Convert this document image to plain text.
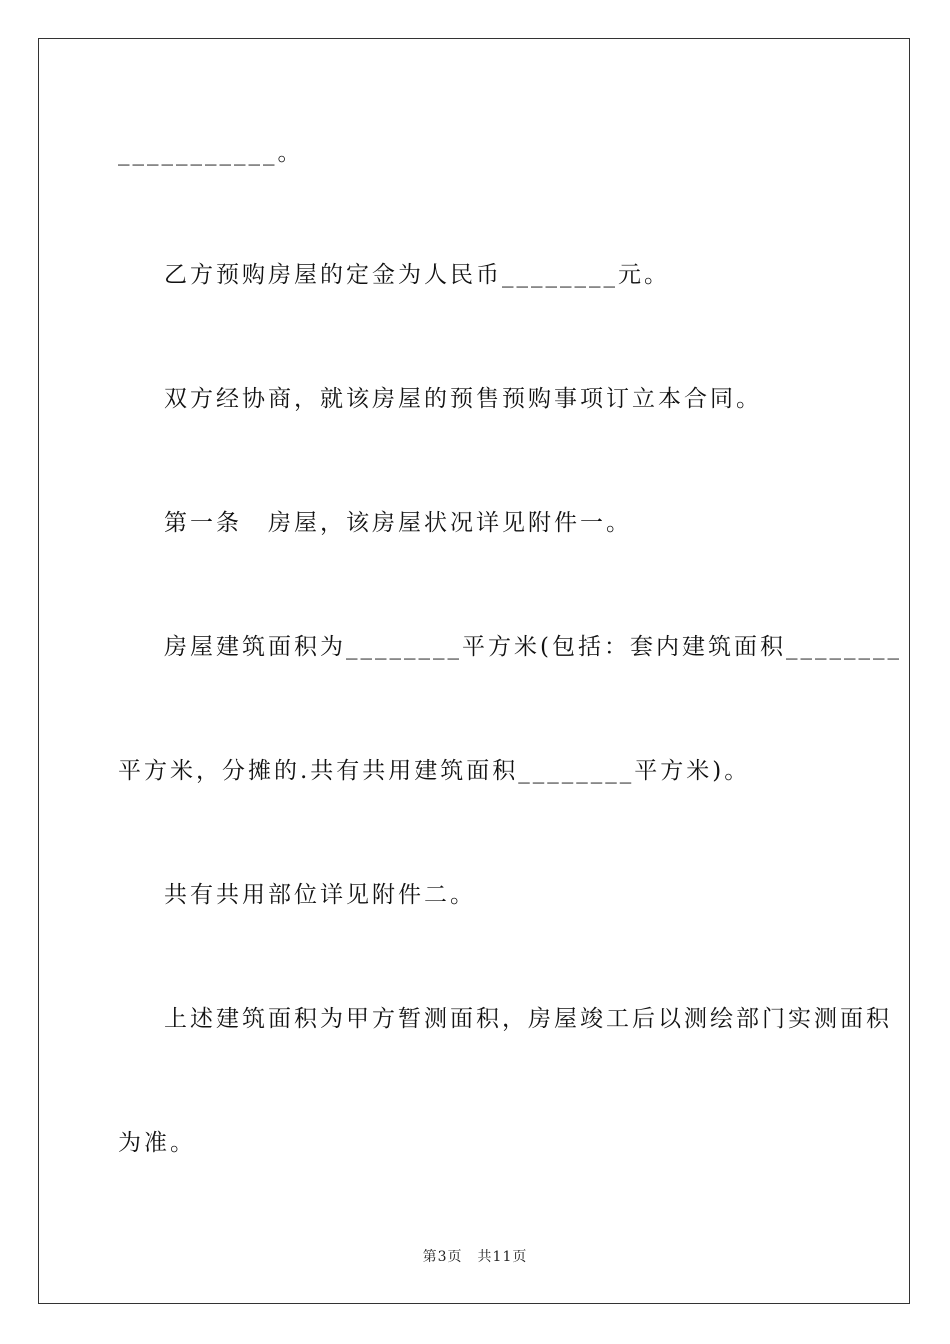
___________。
乙方预购房屋的定金为人民币________元。
双方经协商，就该房屋的预售预购事项订立本合同。
第一条　房屋，该房屋状况详见附件一。
房屋建筑面积为________平方米(包括：套内建筑面积________
平方米，分摊的.共有共用建筑面积________平方米)。
共有共用部位详见附件二。
上述建筑面积为甲方暂测面积，房屋竣工后以测绘部门实测面积
为准。
第3页　共11页
